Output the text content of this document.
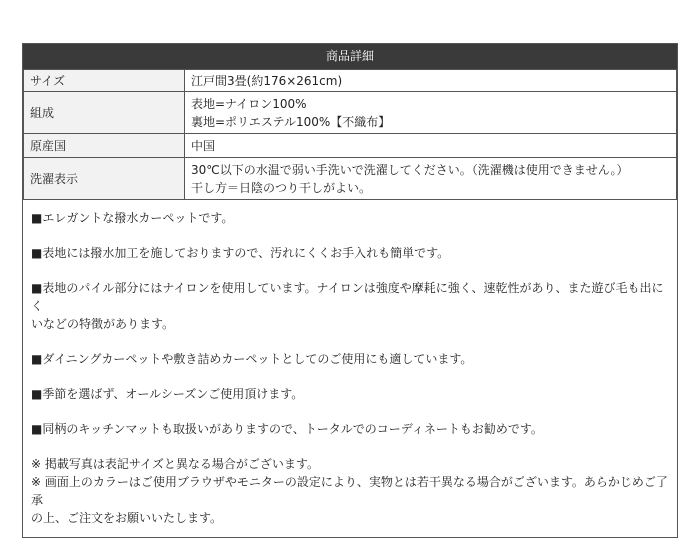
商品詳細
サイズ	江戸間3畳(約176×261cm)

組成	表地=ナイロン100%
裏地=ポリエステル100%【不織布】

原産国	中国

洗濯表示	30℃以下の水温で弱い手洗いで洗濯してください。（洗濯機は使用できません。）
干し方＝日陰のつり干しがよい。

■エレガントな撥水カーペットです。

■表地には撥水加工を施しておりますので、汚れにくくお手入れも簡単です。

■表地のパイル部分にはナイロンを使用しています。ナイロンは強度や摩耗に強く、速乾性があり、また遊び毛も出にく
いなどの特徴があります。

■ダイニングカーペットや敷き詰めカーペットとしてのご使用にも適しています。

■季節を選ばず、オールシーズンご使用頂けます。

■同柄のキッチンマットも取扱いがありますので、トータルでのコーディネートもお勧めです。

※ 掲載写真は表記サイズと異なる場合がございます。

※ 画面上のカラーはご使用ブラウザやモニターの設定により、実物とは若干異なる場合がございます。あらかじめご了承
の上、ご注文をお願いいたします。
